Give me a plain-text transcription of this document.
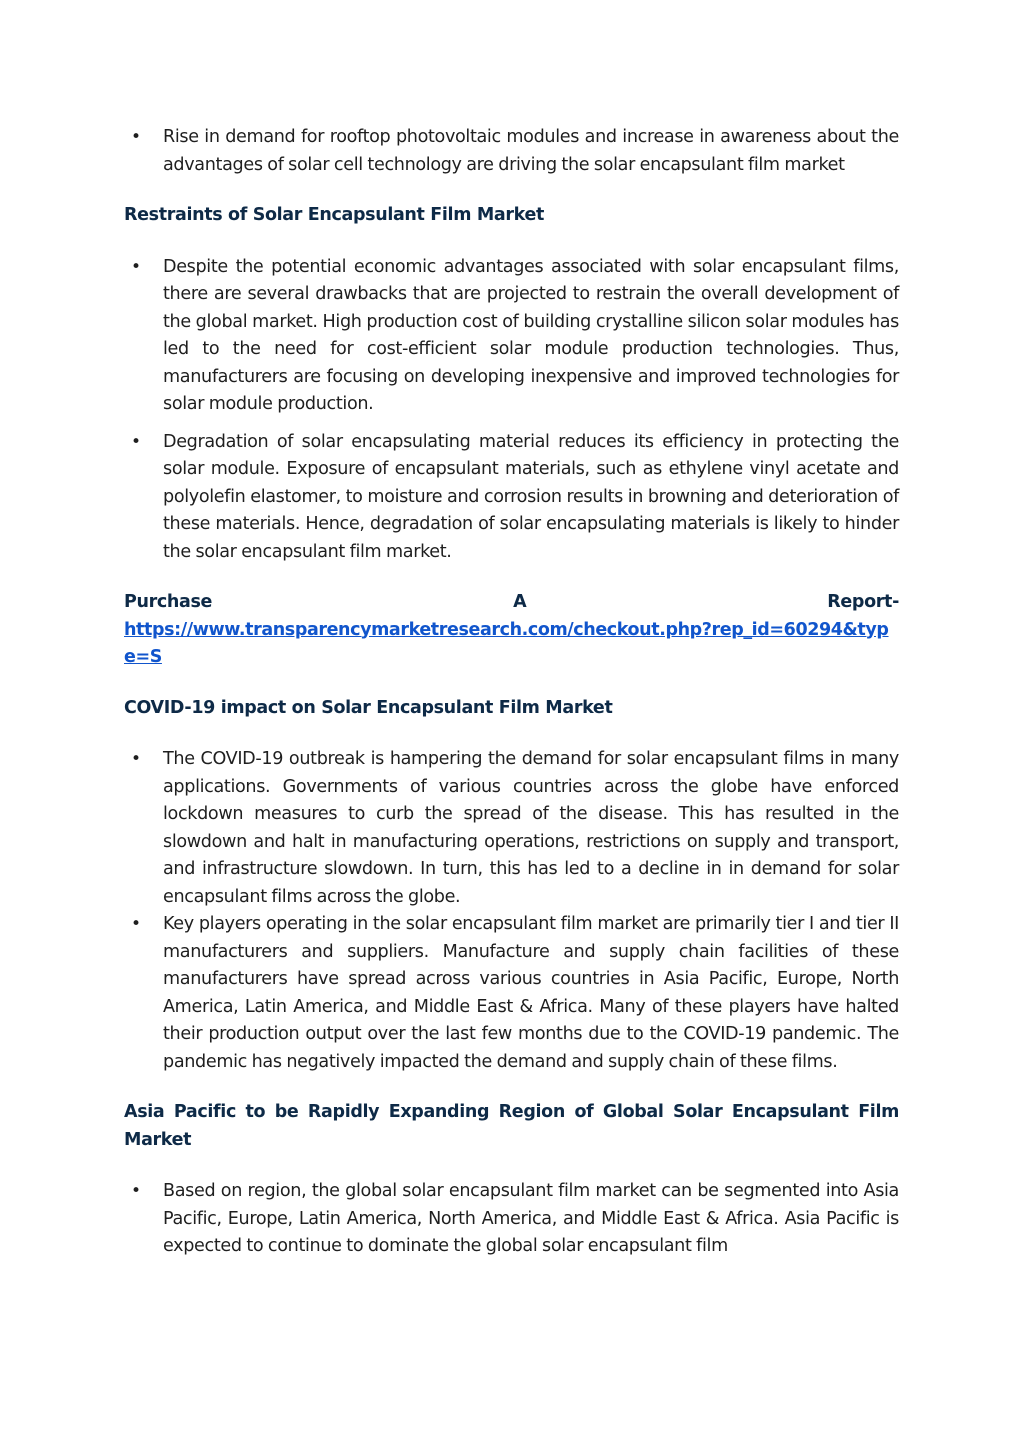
• Rise in demand for rooftop photovoltaic modules and increase in awareness about the advantages of solar cell technology are driving the solar encapsulant film market
Restraints of Solar Encapsulant Film Market
• Despite the potential economic advantages associated with solar encapsulant films, there are several drawbacks that are projected to restrain the overall development of the global market. High production cost of building crystalline silicon solar modules has led to the need for cost-efficient solar module production technologies. Thus, manufacturers are focusing on developing inexpensive and improved technologies for solar module production.
• Degradation of solar encapsulating material reduces its efficiency in protecting the solar module. Exposure of encapsulant materials, such as ethylene vinyl acetate and polyolefin elastomer, to moisture and corrosion results in browning and deterioration of these materials. Hence, degradation of solar encapsulating materials is likely to hinder the solar encapsulant film market.
Purchase	A	Report-
https://www.transparencymarketresearch.com/checkout.php?rep_id=60294&type=S
COVID-19 impact on Solar Encapsulant Film Market
• The COVID-19 outbreak is hampering the demand for solar encapsulant films in many applications. Governments of various countries across the globe have enforced lockdown measures to curb the spread of the disease. This has resulted in the slowdown and halt in manufacturing operations, restrictions on supply and transport, and infrastructure slowdown. In turn, this has led to a decline in in demand for solar encapsulant films across the globe.
• Key players operating in the solar encapsulant film market are primarily tier I and tier II manufacturers and suppliers. Manufacture and supply chain facilities of these manufacturers have spread across various countries in Asia Pacific, Europe, North America, Latin America, and Middle East & Africa. Many of these players have halted their production output over the last few months due to the COVID-19 pandemic. The pandemic has negatively impacted the demand and supply chain of these films.
Asia Pacific to be Rapidly Expanding Region of Global Solar Encapsulant Film Market
• Based on region, the global solar encapsulant film market can be segmented into Asia Pacific, Europe, Latin America, North America, and Middle East & Africa. Asia Pacific is expected to continue to dominate the global solar encapsulant film
